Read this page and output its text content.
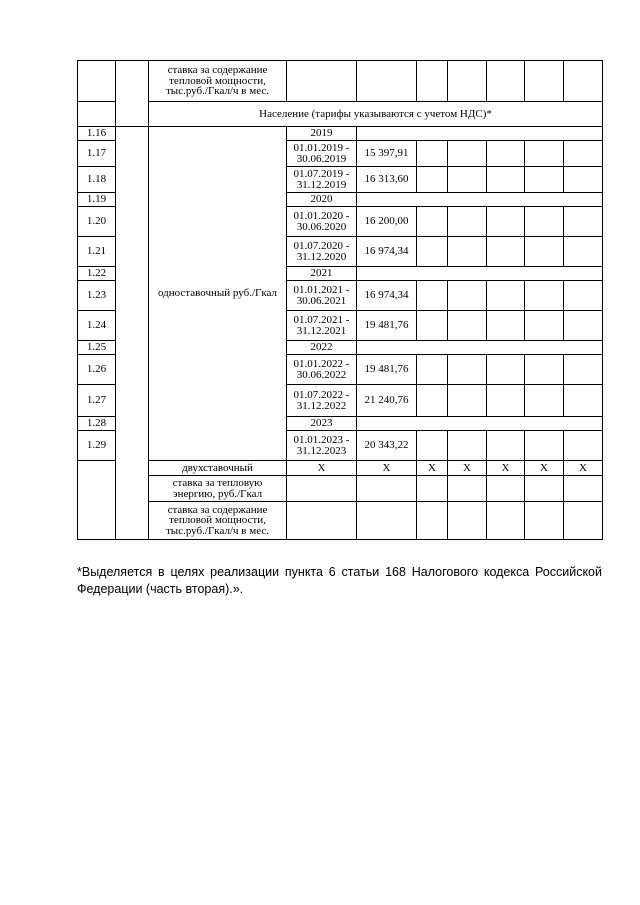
		ставка за содержание тепловой мощности, тыс.руб./Гкал/ч в мес.							
		Население (тарифы указываются с учетом НДС)*							
1.16		одноставочный руб./Гкал	2019						
1.17			01.01.2019 - 30.06.2019	15 397,91					
1.18			01.07.2019 - 31.12.2019	16 313,60					
1.19			2020						
1.20			01.01.2020 - 30.06.2020	16 200,00					
1.21			01.07.2020 - 31.12.2020	16 974,34					
1.22			2021						
1.23			01.01.2021 - 30.06.2021	16 974,34					
1.24			01.07.2021 - 31.12.2021	19 481,76					
1.25			2022						
1.26			01.01.2022 - 30.06.2022	19 481,76					
1.27			01.07.2022 - 31.12.2022	21 240,76					
1.28			2023						
1.29			01.01.2023 - 31.12.2023	20 343,22					
		двухставочный	X	X	X	X	X	X	X
		ставка за тепловую энергию, руб./Гкал							
		ставка за содержание тепловой мощности, тыс.руб./Гкал/ч в мес.							
*Выделяется в целях реализации пункта 6 статьи 168 Налогового кодекса Российской Федерации (часть вторая).».
